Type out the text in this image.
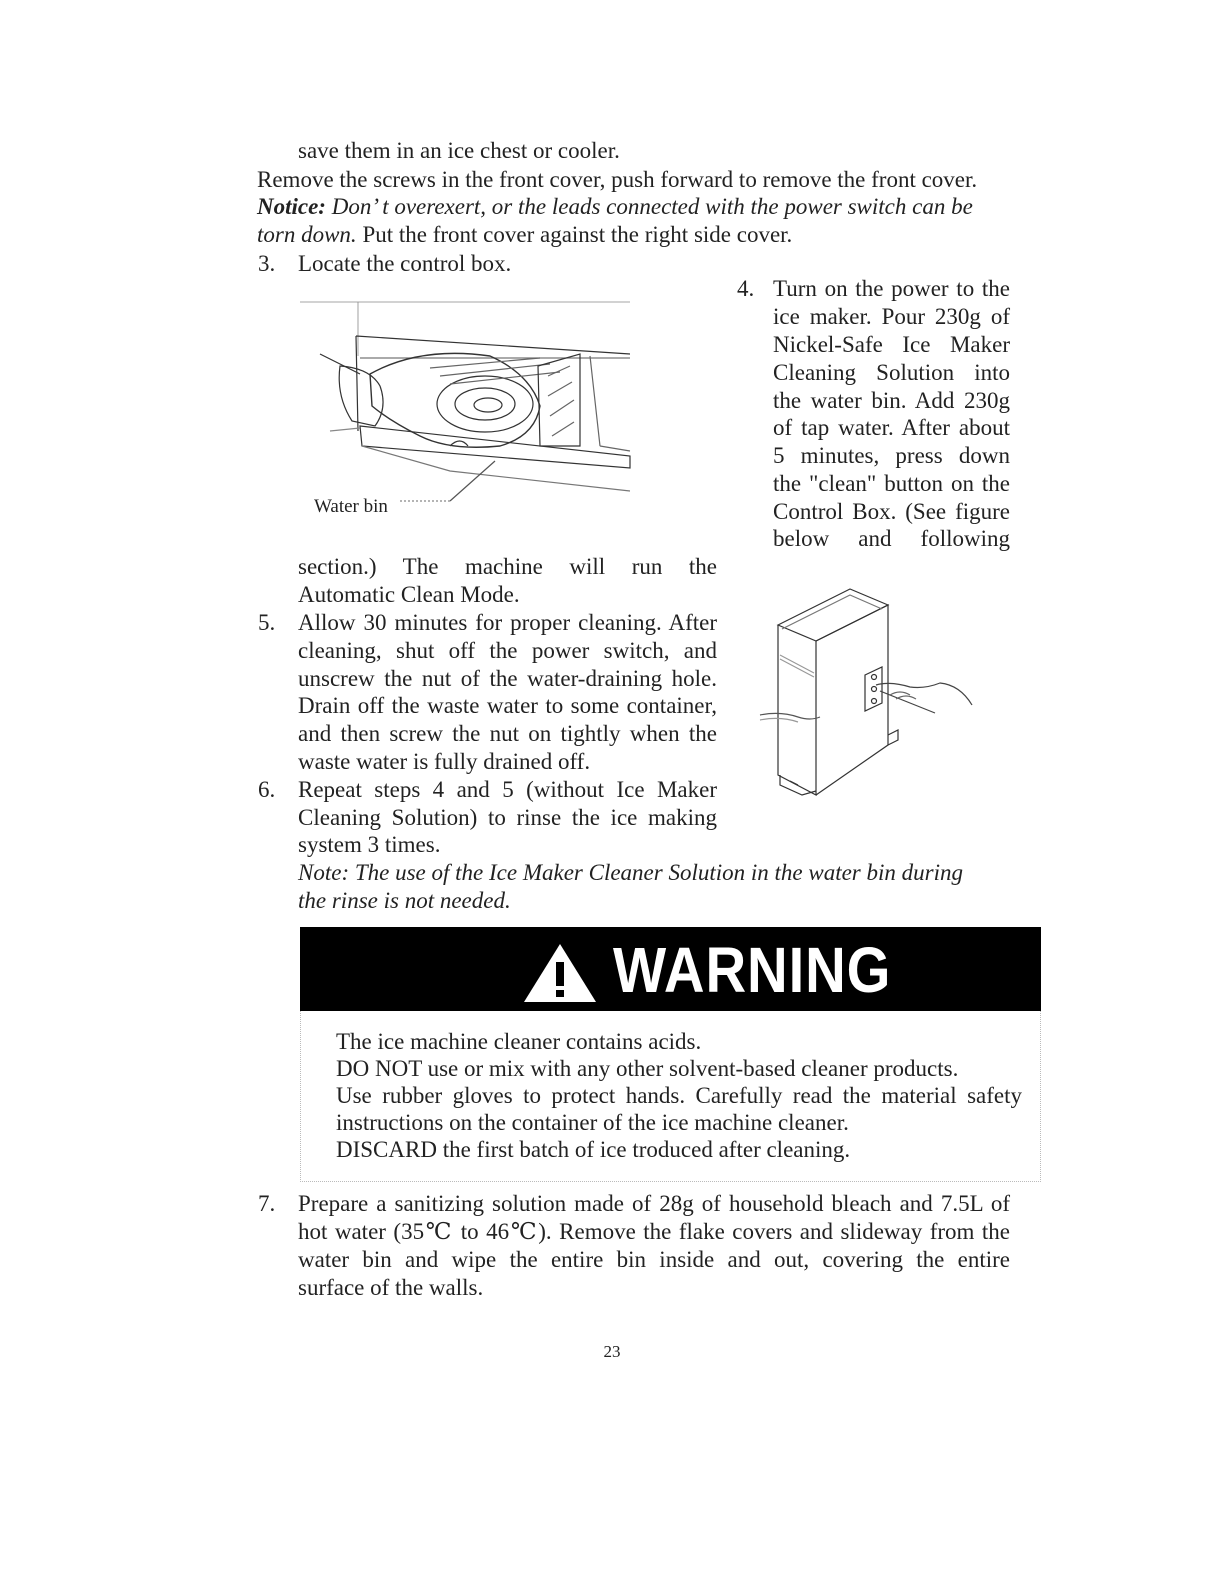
save them in an ice chest or cooler.
Remove the screws in the front cover, push forward to remove the front cover.
Notice: Don’ t overexert, or the leads connected with the power switch can be
torn down. Put the front cover against the right side cover.
3. Locate the control box.
Water bin
4. Turn on the power to the
ice maker. Pour 230g of
Nickel-Safe Ice Maker
Cleaning Solution into
the water bin. Add 230g
of tap water. After about
5 minutes, press down
the "clean" button on the
Control Box. (See figure
below and following
section.) The machine will run the
Automatic Clean Mode.
5. Allow 30 minutes for proper cleaning. After
cleaning, shut off the power switch, and
unscrew the nut of the water-draining hole.
Drain off the waste water to some container,
and then screw the nut on tightly when the
waste water is fully drained off.
6. Repeat steps 4 and 5 (without Ice Maker
Cleaning Solution) to rinse the ice making
system 3 times.
Note: The use of the Ice Maker Cleaner Solution in the water bin during
the rinse is not needed.
WARNING
The ice machine cleaner contains acids.
DO NOT use or mix with any other solvent-based cleaner products.
Use rubber gloves to protect hands. Carefully read the material safety
instructions on the container of the ice machine cleaner.
DISCARD the first batch of ice troduced after cleaning.
7. Prepare a sanitizing solution made of 28g of household bleach and 7.5L of
hot water (35℃ to 46℃). Remove the flake covers and slideway from the
water bin and wipe the entire bin inside and out, covering the entire
surface of the walls.
23
